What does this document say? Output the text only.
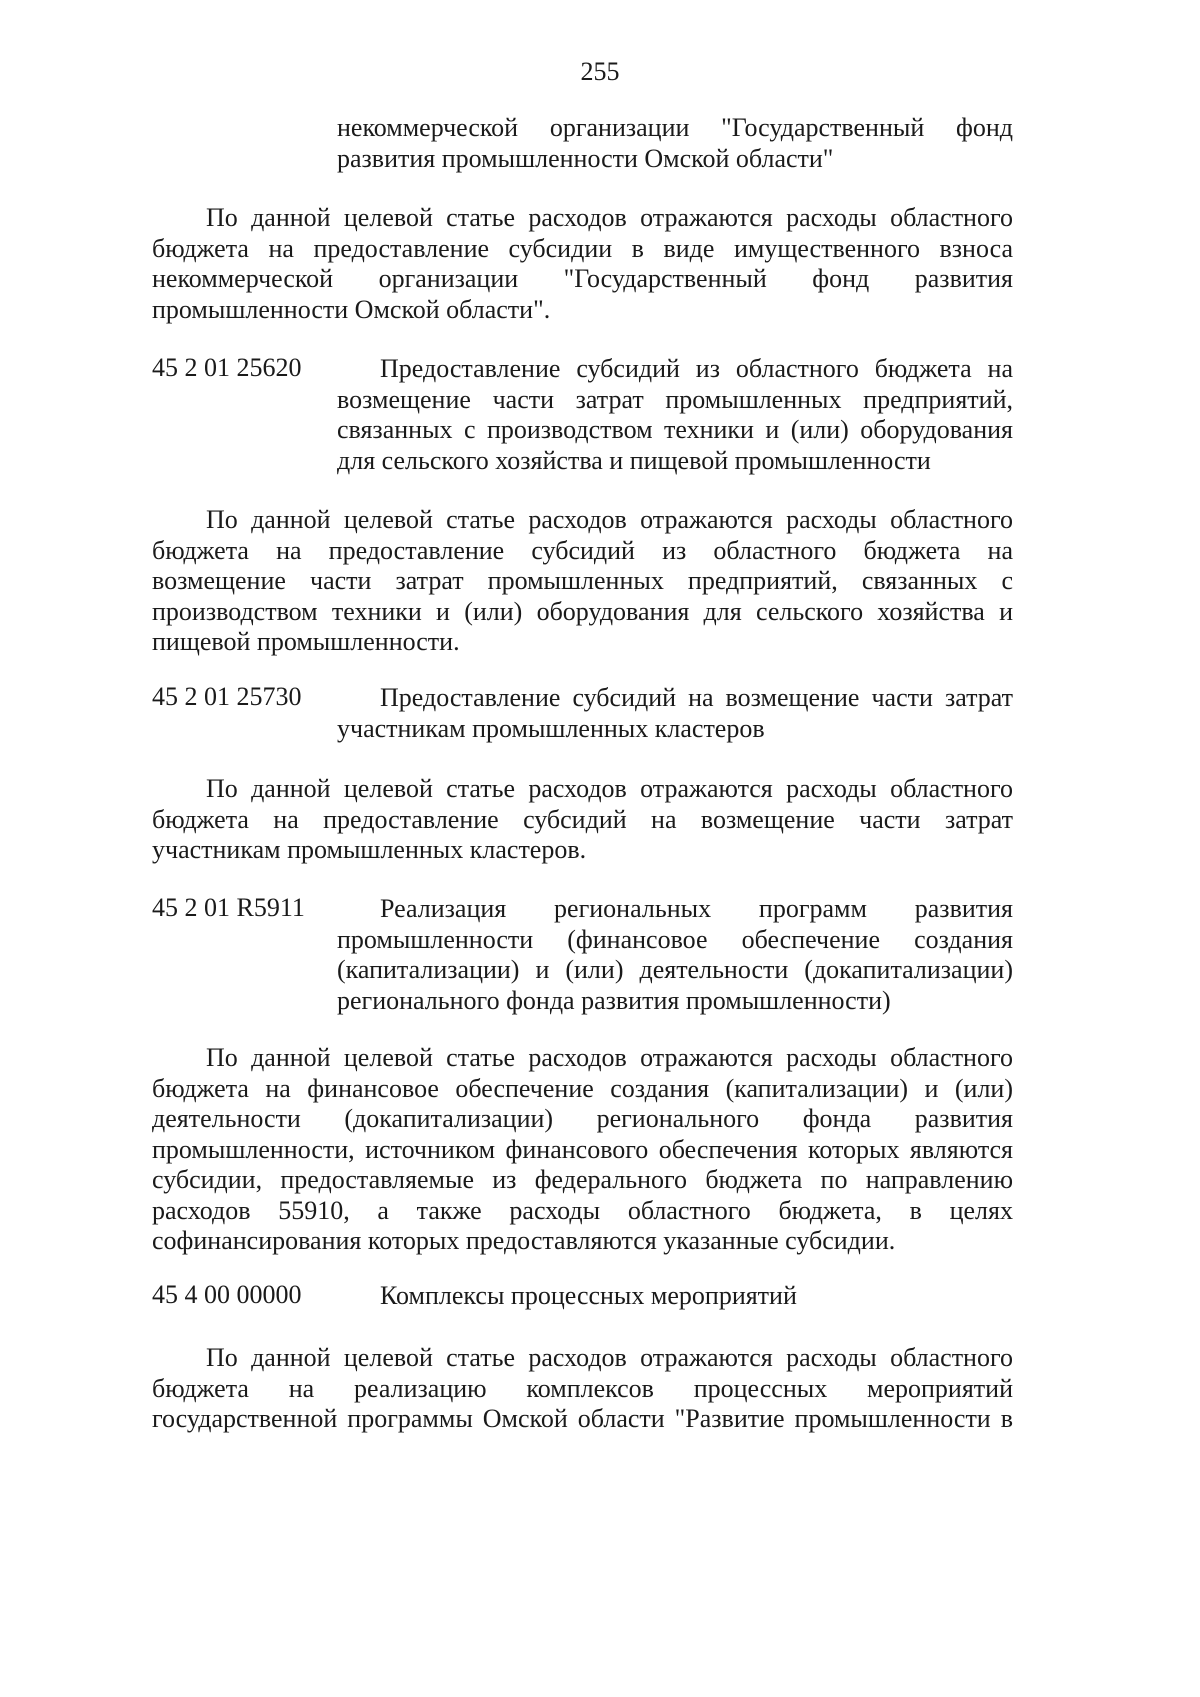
255
некоммерческой организации "Государственный фонд
развития промышленности Омской области"
По данной целевой статье расходов отражаются расходы областного
бюджета на предоставление субсидии в виде имущественного взноса
некоммерческой организации "Государственный фонд развития
промышленности Омской области".
45 2 01 25620	Предоставление субсидий из областного бюджета на
возмещение части затрат промышленных предприятий,
связанных с производством техники и (или) оборудования
для сельского хозяйства и пищевой промышленности
По данной целевой статье расходов отражаются расходы областного
бюджета на предоставление субсидий из областного бюджета на
возмещение части затрат промышленных предприятий, связанных с
производством техники и (или) оборудования для сельского хозяйства и
пищевой промышленности.
45 2 01 25730	Предоставление субсидий на возмещение части затрат
участникам промышленных кластеров
По данной целевой статье расходов отражаются расходы областного
бюджета на предоставление субсидий на возмещение части затрат
участникам промышленных кластеров.
45 2 01 R5911	Реализация региональных программ развития
промышленности (финансовое обеспечение создания
(капитализации) и (или) деятельности (докапитализации)
регионального фонда развития промышленности)
По данной целевой статье расходов отражаются расходы областного
бюджета на финансовое обеспечение создания (капитализации) и (или)
деятельности (докапитализации) регионального фонда развития
промышленности, источником финансового обеспечения которых являются
субсидии, предоставляемые из федерального бюджета по направлению
расходов 55910, а также расходы областного бюджета, в целях
софинансирования которых предоставляются указанные субсидии.
45 4 00 00000	Комплексы процессных мероприятий
По данной целевой статье расходов отражаются расходы областного
бюджета на реализацию комплексов процессных мероприятий
государственной программы Омской области "Развитие промышленности в
